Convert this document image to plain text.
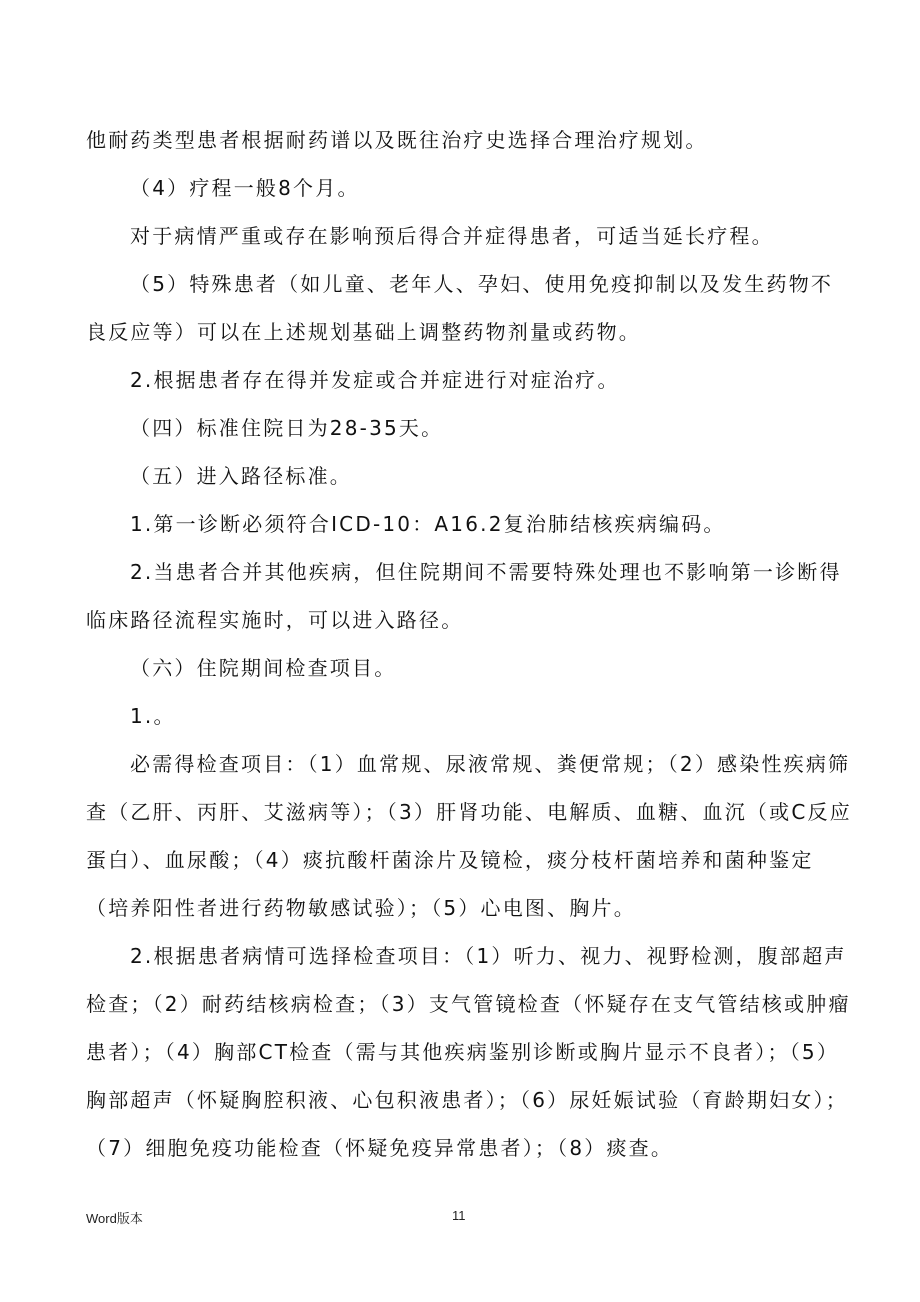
他耐药类型患者根据耐药谱以及既往治疗史选择合理治疗规划。

（4）疗程一般8个月。

对于病情严重或存在影响预后得合并症得患者，可适当延长疗程。

（5）特殊患者（如儿童、老年人、孕妇、使用免疫抑制以及发生药物不良反应等）可以在上述规划基础上调整药物剂量或药物。

2.根据患者存在得并发症或合并症进行对症治疗。

（四）标准住院日为28-35天。

（五）进入路径标准。

1.第一诊断必须符合ICD-10：A16.2复治肺结核疾病编码。

2.当患者合并其他疾病，但住院期间不需要特殊处理也不影响第一诊断得临床路径流程实施时，可以进入路径。

（六）住院期间检查项目。

1.。

必需得检查项目：（1）血常规、尿液常规、粪便常规；（2）感染性疾病筛查（乙肝、丙肝、艾滋病等）；（3）肝肾功能、电解质、血糖、血沉（或C反应蛋白）、血尿酸；（4）痰抗酸杆菌涂片及镜检，痰分枝杆菌培养和菌种鉴定（培养阳性者进行药物敏感试验）；（5）心电图、胸片。

2.根据患者病情可选择检查项目：（1）听力、视力、视野检测，腹部超声检查；（2）耐药结核病检查；（3）支气管镜检查（怀疑存在支气管结核或肿瘤患者）；（4）胸部CT检查（需与其他疾病鉴别诊断或胸片显示不良者）；（5）胸部超声（怀疑胸腔积液、心包积液患者）；（6）尿妊娠试验（育龄期妇女）；（7）细胞免疫功能检查（怀疑免疫异常患者）；（8）痰查。

Word版本	11
